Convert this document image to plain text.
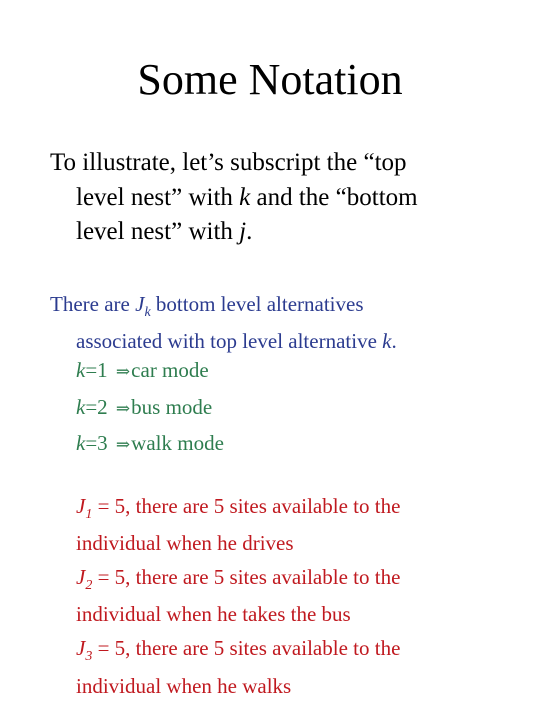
Some Notation
To illustrate, let’s subscript the “top
level nest” with k and the “bottom
level nest” with j.
There are $J_k$ bottom level alternatives
associated with top level alternative k.
k=1 ⇒car mode
k=2 ⇒bus mode
k=3 ⇒walk mode
$J_1 = 5$, there are 5 sites available to the
individual when he drives
$J_2 = 5$, there are 5 sites available to the
individual when he takes the bus
$J_3 = 5$, there are 5 sites available to the
individual when he walks
